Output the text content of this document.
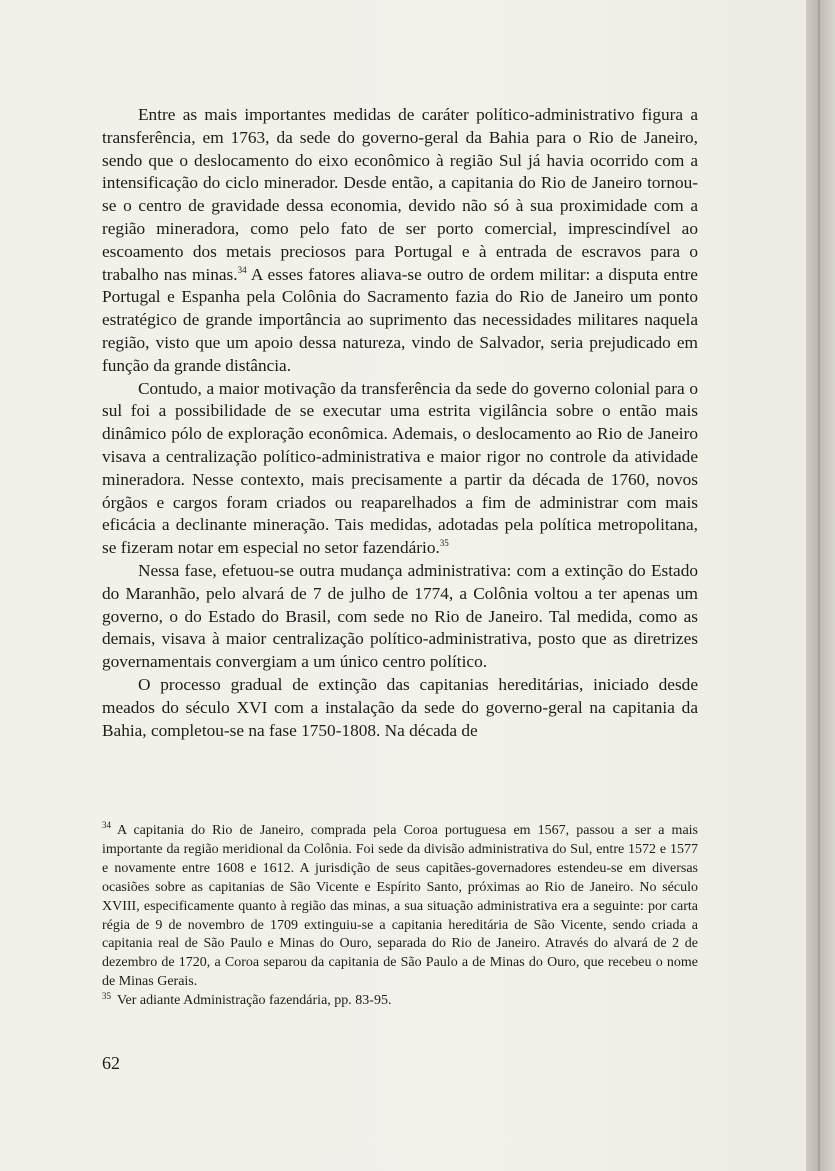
Entre as mais importantes medidas de caráter político-administrativo figura a transferência, em 1763, da sede do governo-geral da Bahia para o Rio de Janeiro, sendo que o deslocamento do eixo econômico à região Sul já havia ocorrido com a intensificação do ciclo minerador. Desde então, a capitania do Rio de Janeiro tornou-se o centro de gravidade dessa economia, devido não só à sua proximidade com a região mineradora, como pelo fato de ser porto comercial, imprescindível ao escoamento dos metais preciosos para Portugal e à entrada de escravos para o trabalho nas minas.$^{34}$ A esses fatores aliava-se outro de ordem militar: a disputa entre Portugal e Espanha pela Colônia do Sacramento fazia do Rio de Janeiro um ponto estratégico de grande importância ao suprimento das necessidades militares naquela região, visto que um apoio dessa natureza, vindo de Salvador, seria prejudicado em função da grande distância.

Contudo, a maior motivação da transferência da sede do governo colonial para o sul foi a possibilidade de se executar uma estrita vigilância sobre o então mais dinâmico pólo de exploração econômica. Ademais, o deslocamento ao Rio de Janeiro visava a centralização político-administrativa e maior rigor no controle da atividade mineradora. Nesse contexto, mais precisamente a partir da década de 1760, novos órgãos e cargos foram criados ou reaparelhados a fim de administrar com mais eficácia a declinante mineração. Tais medidas, adotadas pela política metropolitana, se fizeram notar em especial no setor fazendário.$^{35}$

Nessa fase, efetuou-se outra mudança administrativa: com a extinção do Estado do Maranhão, pelo alvará de 7 de julho de 1774, a Colônia voltou a ter apenas um governo, o do Estado do Brasil, com sede no Rio de Janeiro. Tal medida, como as demais, visava à maior centralização político-administrativa, posto que as diretrizes governamentais convergiam a um único centro político.

O processo gradual de extinção das capitanias hereditárias, iniciado desde meados do século XVI com a instalação da sede do governo-geral na capitania da Bahia, completou-se na fase 1750-1808. Na década de

$^{34}$ A capitania do Rio de Janeiro, comprada pela Coroa portuguesa em 1567, passou a ser a mais importante da região meridional da Colônia. Foi sede da divisão administrativa do Sul, entre 1572 e 1577 e novamente entre 1608 e 1612. A jurisdição de seus capitães-governadores estendeu-se em diversas ocasiões sobre as capitanias de São Vicente e Espírito Santo, próximas ao Rio de Janeiro. No século XVIII, especificamente quanto à região das minas, a sua situação administrativa era a seguinte: por carta régia de 9 de novembro de 1709 extinguiu-se a capitania hereditária de São Vicente, sendo criada a capitania real de São Paulo e Minas do Ouro, separada do Rio de Janeiro. Através do alvará de 2 de dezembro de 1720, a Coroa separou da capitania de São Paulo a de Minas do Ouro, que recebeu o nome de Minas Gerais.

$^{35}$ Ver adiante Administração fazendária, pp. 83-95.

62
